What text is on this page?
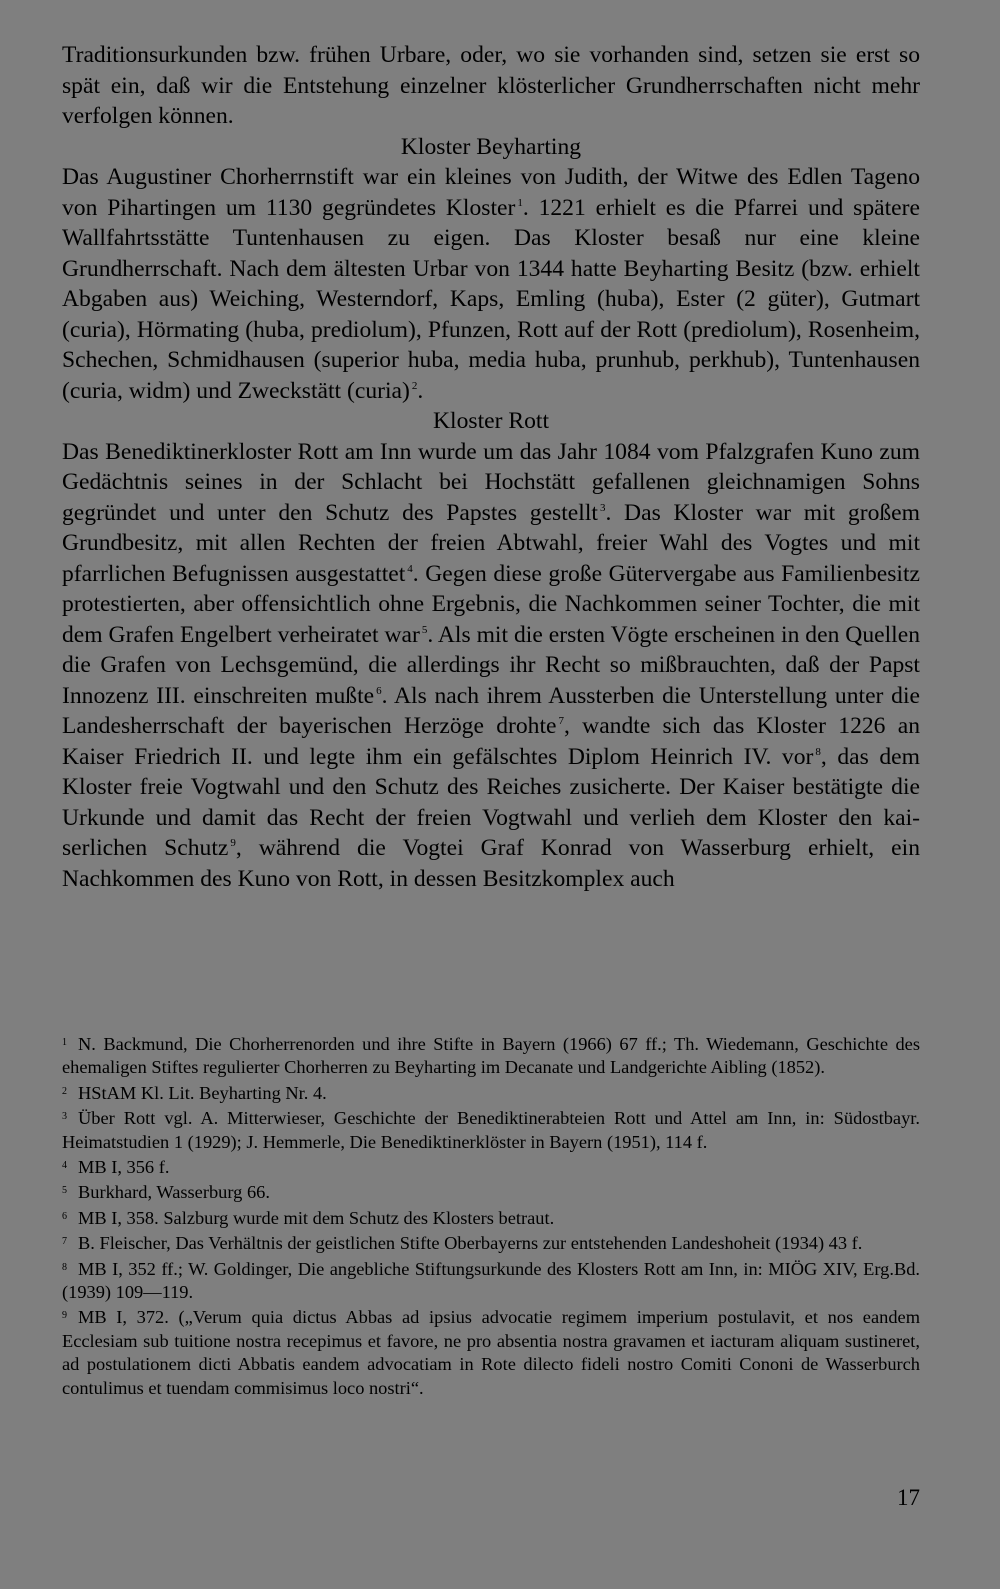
Traditionsurkunden bzw. frühen Urbare, oder, wo sie vorhanden sind, setzen sie erst so spät ein, daß wir die Entstehung einzelner klösterlicher Grundherrschaften nicht mehr verfolgen können.

Kloster Beyharting

Das Augustiner Chorherrnstift war ein kleines von Judith, der Witwe des Edlen Tageno von Pihartingen um 1130 gegründetes Kloster $^1$. 1221 erhielt es die Pfarrei und spätere Wallfahrtsstätte Tuntenhausen zu eigen. Das Kloster besaß nur eine kleine Grundherrschaft. Nach dem ältesten Urbar von 1344 hatte Beyharting Besitz (bzw. erhielt Abgaben aus) Weiching, Westerndorf, Kaps, Emling (huba), Ester (2 güter), Gutmart (curia), Hörmating (huba, prediolum), Pfunzen, Rott auf der Rott (prediolum), Rosenheim, Schechen, Schmidhausen (superior huba, media huba, prunhub, perkhub), Tuntenhausen (curia, widm) und Zweckstätt (curia) $^2$.

Kloster Rott

Das Benediktinerkloster Rott am Inn wurde um das Jahr 1084 vom Pfalzgrafen Kuno zum Gedächtnis seines in der Schlacht bei Hochstätt gefallenen gleichnamigen Sohns gegründet und unter den Schutz des Papstes gestellt $^3$. Das Kloster war mit großem Grundbesitz, mit allen Rechten der freien Abtwahl, freier Wahl des Vogtes und mit pfarrlichen Befugnissen ausgestattet $^4$. Gegen diese große Gütervergabe aus Familienbesitz protestierten, aber offensichtlich ohne Ergebnis, die Nachkommen seiner Tochter, die mit dem Grafen Engelbert verheiratet war $^5$. Als mit die ersten Vögte erscheinen in den Quellen die Grafen von Lechsgemünd, die allerdings ihr Recht so mißbrauchten, daß der Papst Innozenz III. einschreiten mußte $^6$. Als nach ihrem Aussterben die Unterstellung unter die Landesherrschaft der bayerischen Herzöge drohte $^7$, wandte sich das Kloster 1226 an Kaiser Friedrich II. und legte ihm ein gefälschtes Diplom Heinrich IV. vor $^8$, das dem Kloster freie Vogtwahl und den Schutz des Reiches zusicherte. Der Kaiser bestätigte die Urkunde und damit das Recht der freien Vogtwahl und verlieh dem Kloster den kaiserlichen Schutz $^9$, während die Vogtei Graf Konrad von Wasserburg erhielt, ein Nachkommen des Kuno von Rott, in dessen Besitzkomplex auch

1 N. Backmund, Die Chorherrenorden und ihre Stifte in Bayern (1966) 67 ff.; Th. Wiedemann, Geschichte des ehemaligen Stiftes regulierter Chorherren zu Beyharting im Decanate und Landgerichte Aibling (1852).

2 HStAM Kl. Lit. Beyharting Nr. 4.

3 Über Rott vgl. A. Mitterwieser, Geschichte der Benediktinerabteien Rott und Attel am Inn, in: Südostbayr. Heimatstudien 1 (1929); J. Hemmerle, Die Benediktinerklöster in Bayern (1951), 114 f.

4 MB I, 356 f.

5 Burkhard, Wasserburg 66.

6 MB I, 358. Salzburg wurde mit dem Schutz des Klosters betraut.

7 B. Fleischer, Das Verhältnis der geistlichen Stifte Oberbayerns zur entstehenden Landeshoheit (1934) 43 f.

8 MB I, 352 ff.; W. Goldinger, Die angebliche Stiftungsurkunde des Klosters Rott am Inn, in: MIÖG XIV, Erg.Bd. (1939) 109—119.

9 MB I, 372. („Verum quia dictus Abbas ad ipsius advocatie regimem imperium postulavit, et nos eandem Ecclesiam sub tuitione nostra recepimus et favore, ne pro absentia nostra gravamen et iacturam aliquam sustineret, ad postulationem dicti Abbatis eandem advocatiam in Rote dilecto fideli nostro Comiti Cononi de Wasserburch contulimus et tuendam commisimus loco nostri“.

17
